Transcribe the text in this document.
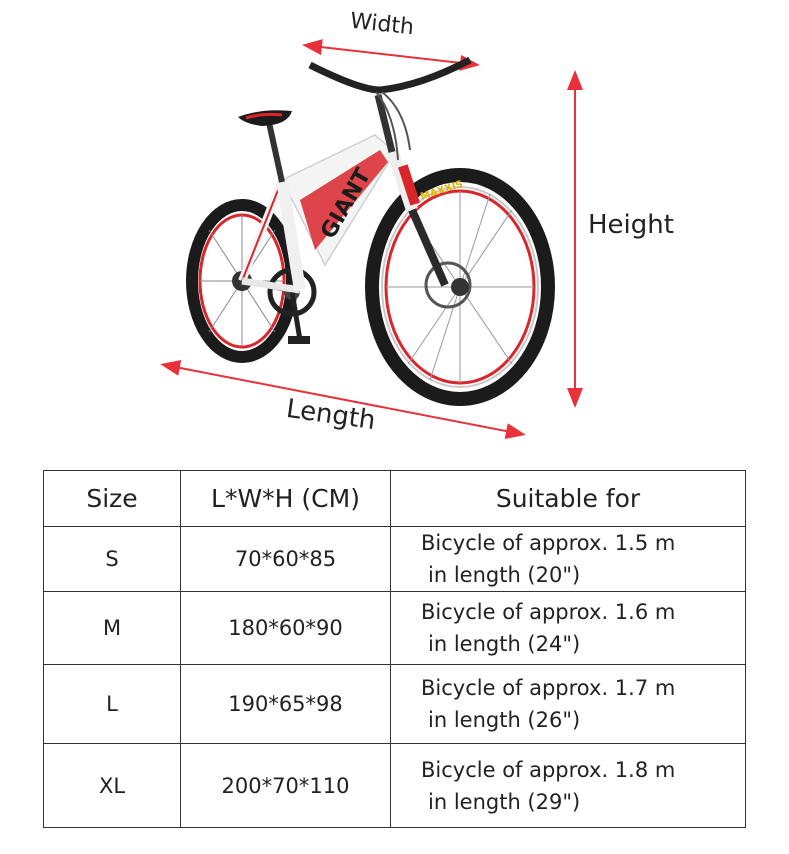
MAXXIS
GIANT
Width
Height
Length
Size	L*W*H (CM)	Suitable for
S	70*60*85	Bicycle of approx. 1.5 m
in length (20")

M	180*60*90	Bicycle of approx. 1.6 m
in length (24")

L	190*65*98	Bicycle of approx. 1.7 m
in length (26")

XL	200*70*110	Bicycle of approx. 1.8 m
in length (29")
